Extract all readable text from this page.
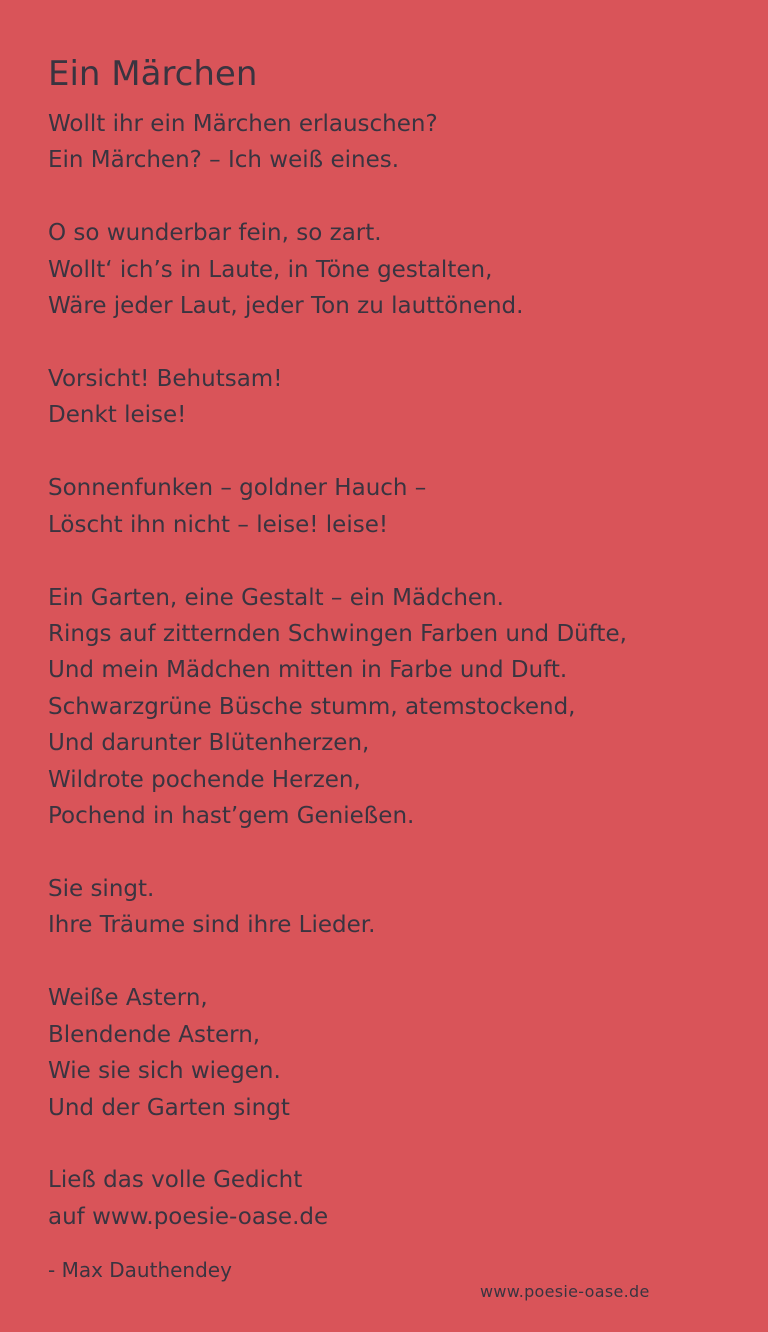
Ein Märchen
Wollt ihr ein Märchen erlauschen?
Ein Märchen? – Ich weiß eines.
O so wunderbar fein, so zart.
Wollt‘ ich’s in Laute, in Töne gestalten,
Wäre jeder Laut, jeder Ton zu lauttönend.
Vorsicht! Behutsam!
Denkt leise!
Sonnenfunken – goldner Hauch –
Löscht ihn nicht – leise! leise!
Ein Garten, eine Gestalt – ein Mädchen.
Rings auf zitternden Schwingen Farben und Düfte,
Und mein Mädchen mitten in Farbe und Duft.
Schwarzgrüne Büsche stumm, atemstockend,
Und darunter Blütenherzen,
Wildrote pochende Herzen,
Pochend in hast’gem Genießen.
Sie singt.
Ihre Träume sind ihre Lieder.
Weiße Astern,
Blendende Astern,
Wie sie sich wiegen.
Und der Garten singt
Ließ das volle Gedicht
auf www.poesie-oase.de
- Max Dauthendey
www.poesie-oase.de
